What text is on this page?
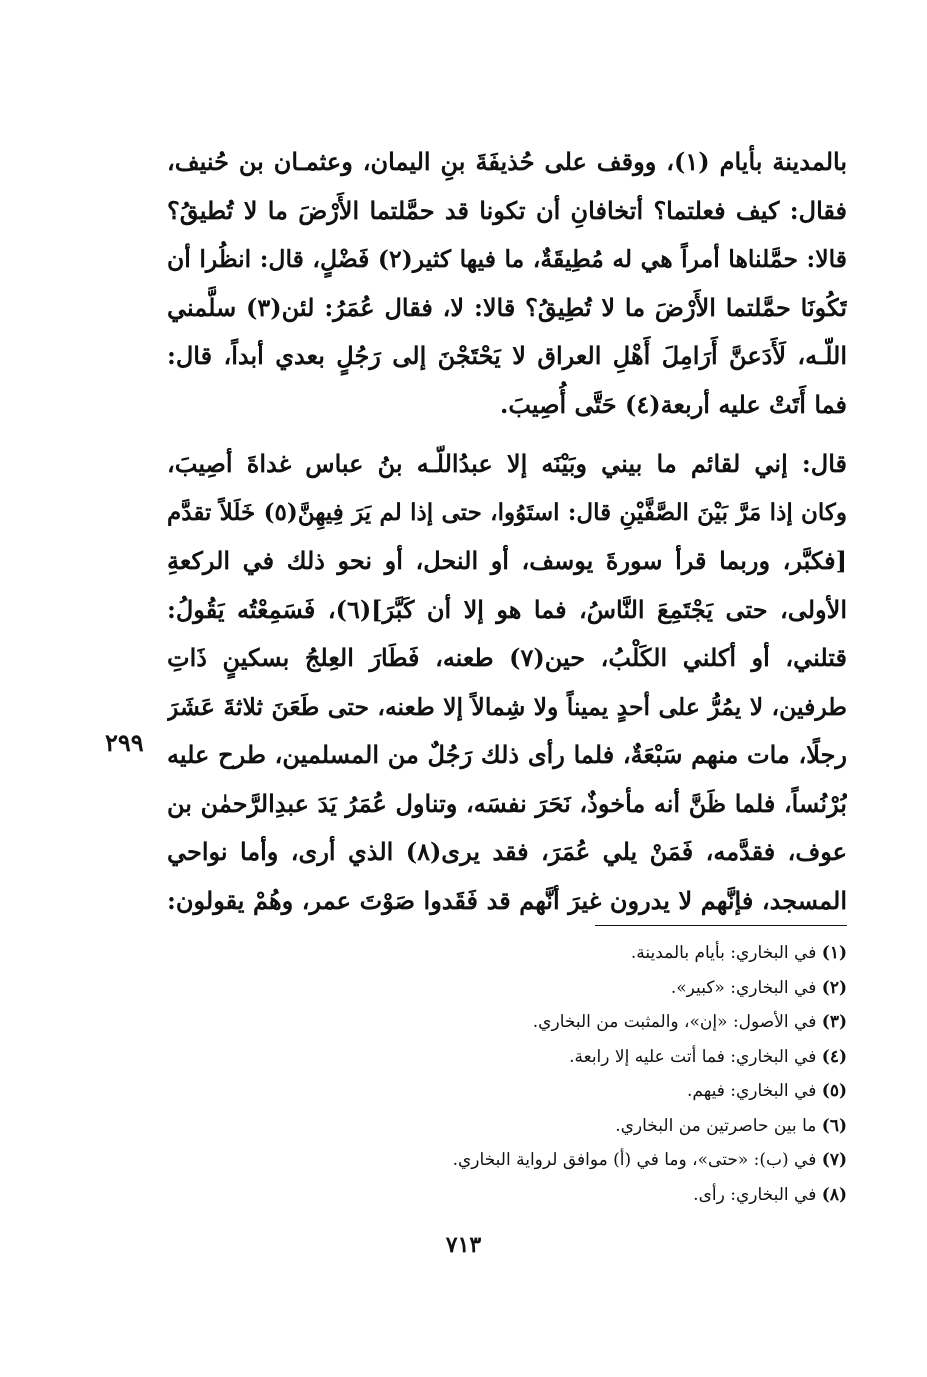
بالمدينة بأيام (١)، ووقف على حُذيفَةَ بنِ اليمان، وعثمـان بن حُنيف،
فقال: كيف فعلتما؟ أتخافانِ أن تكونا قد حمَّلتما الأَرْضَ ما لا تُطيقُ؟
قالا: حمَّلناها أمراً هي له مُطِيقَةٌ، ما فيها كثير(٢) فَضْلٍ، قال: انظُرا أن
تَكُونَا حمَّلتما الأَرْضَ ما لا تُطِيقُ؟ قالا: لا، فقال عُمَرُ: لئن(٣) سلَّمني
اللّـه، لَأَدَعنَّ أَرَامِلَ أَهْلِ العراق لا يَحْتَجْنَ إلى رَجُلٍ بعدي أبداً، قال:
فما أَتَتْ عليه أربعة(٤) حَتَّى أُصِيبَ.
قال: إني لقائم ما بيني وبَيْنَه إلا عبدُاللّـه بنُ عباس غداةَ أصِيبَ،
وكان إذا مَرَّ بَيْنَ الصَّفَّيْنِ قال: استَوُوا، حتى إذا لم يَرَ فِيهِنَّ(٥) خَلَلاً تقدَّم
[فكبَّر، وربما قرأ سورةَ يوسف، أو النحل، أو نحو ذلك في الركعةِ
الأولى، حتى يَجْتَمِعَ النَّاسُ، فما هو إلا أن كَبَّرَ](٦)، فَسَمِعْتُه يَقُولُ:
قتلني، أو أكلني الكَلْبُ، حين(٧) طعنه، فَطَارَ العِلجُ بسكينٍ ذَاتِ
طرفين، لا يمُرُّ على أحدٍ يميناً ولا شِمالاً إلا طعنه، حتى طَعَنَ ثلاثةَ عَشَرَ
رجلًا، مات منهم سَبْعَةٌ، فلما رأى ذلك رَجُلٌ من المسلمين، طرح عليه
بُرْنُساً، فلما ظَنَّ أنه مأخوذٌ، نَحَرَ نفسَه، وتناول عُمَرُ يَدَ عبدِالرَّحمٰن بن
عوف، فقدَّمه، فَمَنْ يلي عُمَرَ، فقد يرى(٨) الذي أرى، وأما نواحي
المسجد، فإنَّهم لا يدرون غيرَ أنَّهم قد فَقَدوا صَوْتَ عمر، وهُمْ يقولون:
٢٩٩
(١) في البخاري: بأيام بالمدينة.
(٢) في البخاري: «كبير».
(٣) في الأصول: «إن»، والمثبت من البخاري.
(٤) في البخاري: فما أتت عليه إلا رابعة.
(٥) في البخاري: فيهم.
(٦) ما بين حاصرتين من البخاري.
(٧) في (ب): «حتى»، وما في (أ) موافق لرواية البخاري.
(٨) في البخاري: رأى.
٧١٣
